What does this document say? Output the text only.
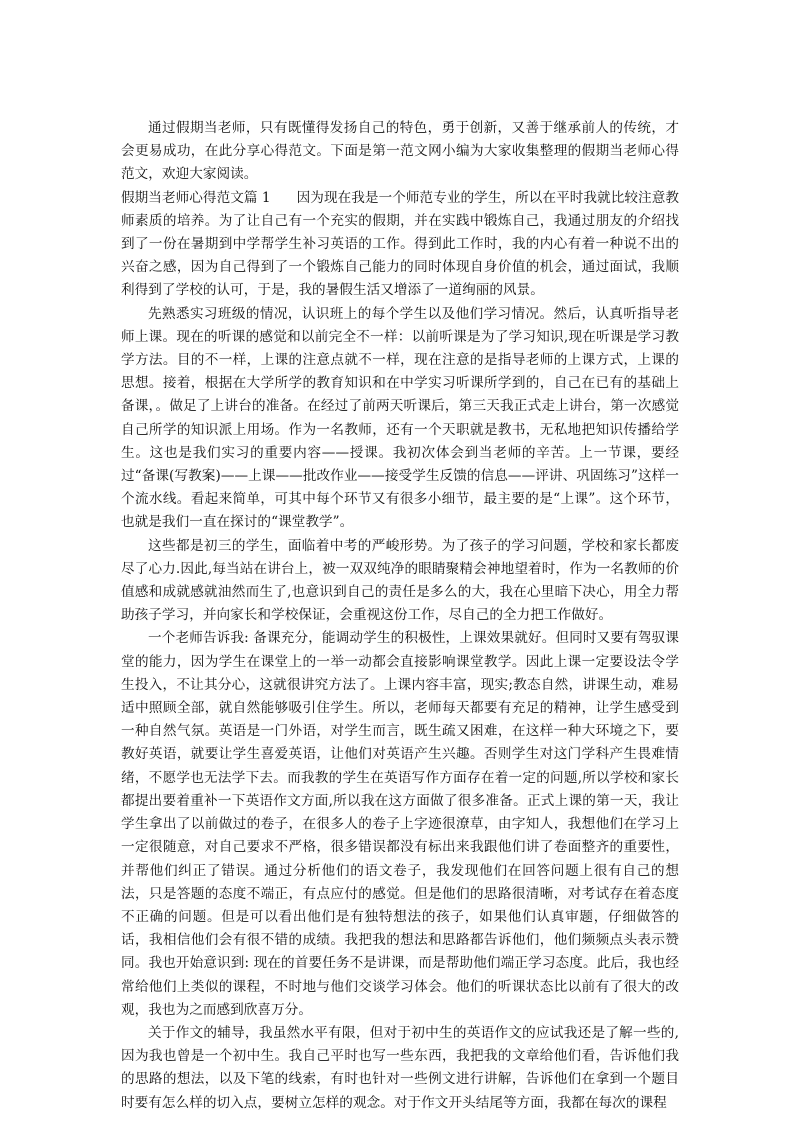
通过假期当老师，只有既懂得发扬自己的特色，勇于创新，又善于继承前人的传统，才会更易成功，在此分享心得范文。下面是第一范文网小编为大家收集整理的假期当老师心得范文，欢迎大家阅读。

假期当老师心得范文篇 1 因为现在我是一个师范专业的学生，所以在平时我就比较注意教师素质的培养。为了让自己有一个充实的假期，并在实践中锻炼自己，我通过朋友的介绍找到了一份在暑期到中学帮学生补习英语的工作。得到此工作时，我的内心有着一种说不出的兴奋之感，因为自己得到了一个锻炼自己能力的同时体现自身价值的机会，通过面试，我顺利得到了学校的认可，于是，我的暑假生活又增添了一道绚丽的风景。

先熟悉实习班级的情况，认识班上的每个学生以及他们学习情况。然后，认真听指导老师上课。现在的听课的感觉和以前完全不一样：以前听课是为了学习知识,现在听课是学习教学方法。目的不一样，上课的注意点就不一样，现在注意的是指导老师的上课方式，上课的思想。接着，根据在大学所学的教育知识和在中学实习听课所学到的，自己在已有的基础上备课，。做足了上讲台的准备。在经过了前两天听课后，第三天我正式走上讲台，第一次感觉自己所学的知识派上用场。作为一名教师，还有一个天职就是教书，无私地把知识传播给学生。这也是我们实习的重要内容——授课。我初次体会到当老师的辛苦。上一节课，要经过“备课(写教案)——上课——批改作业——接受学生反馈的信息——评讲、巩固练习”这样一个流水线。看起来简单，可其中每个环节又有很多小细节，最主要的是“上课”。这个环节，也就是我们一直在探讨的“课堂教学”。

这些都是初三的学生，面临着中考的严峻形势。为了孩子的学习问题，学校和家长都废尽了心力.因此,每当站在讲台上，被一双双纯净的眼睛聚精会神地望着时，作为一名教师的价值感和成就感就油然而生了,也意识到自己的责任是多么的大，我在心里暗下决心，用全力帮助孩子学习，并向家长和学校保证，会重视这份工作，尽自己的全力把工作做好。

一个老师告诉我: 备课充分，能调动学生的积极性，上课效果就好。但同时又要有驾驭课堂的能力，因为学生在课堂上的一举一动都会直接影响课堂教学。因此上课一定要设法令学生投入，不让其分心，这就很讲究方法了。上课内容丰富，现实;教态自然，讲课生动，难易适中照顾全部，就自然能够吸引住学生。所以，老师每天都要有充足的精神，让学生感受到一种自然气氛。英语是一门外语，对学生而言，既生疏又困难，在这样一种大环境之下，要教好英语，就要让学生喜爱英语，让他们对英语产生兴趣。否则学生对这门学科产生畏难情绪，不愿学也无法学下去。而我教的学生在英语写作方面存在着一定的问题,所以学校和家长都提出要着重补一下英语作文方面,所以我在这方面做了很多准备。正式上课的第一天，我让学生拿出了以前做过的卷子，在很多人的卷子上字迹很潦草，由字知人，我想他们在学习上一定很随意，对自己要求不严格，很多错误都没有标出来我跟他们讲了卷面整齐的重要性，并帮他们纠正了错误。通过分析他们的语文卷子，我发现他们在回答问题上很有自己的想法，只是答题的态度不端正，有点应付的感觉。但是他们的思路很清晰，对考试存在着态度不正确的问题。但是可以看出他们是有独特想法的孩子，如果他们认真审题，仔细做答的话，我相信他们会有很不错的成绩。我把我的想法和思路都告诉他们，他们频频点头表示赞同。我也开始意识到: 现在的首要任务不是讲课，而是帮助他们端正学习态度。此后，我也经常给他们上类似的课程，不时地与他们交谈学习体会。他们的听课状态比以前有了很大的改观，我也为之而感到欣喜万分。

关于作文的辅导，我虽然水平有限，但对于初中生的英语作文的应试我还是了解一些的,因为我也曾是一个初中生。我自己平时也写一些东西，我把我的文章给他们看，告诉他们我的思路的想法，以及下笔的线索，有时也针对一些例文进行讲解，告诉他们在拿到一个题目时要有怎么样的切入点，要树立怎样的观念。对于作文开头结尾等方面，我都在每次的课程
